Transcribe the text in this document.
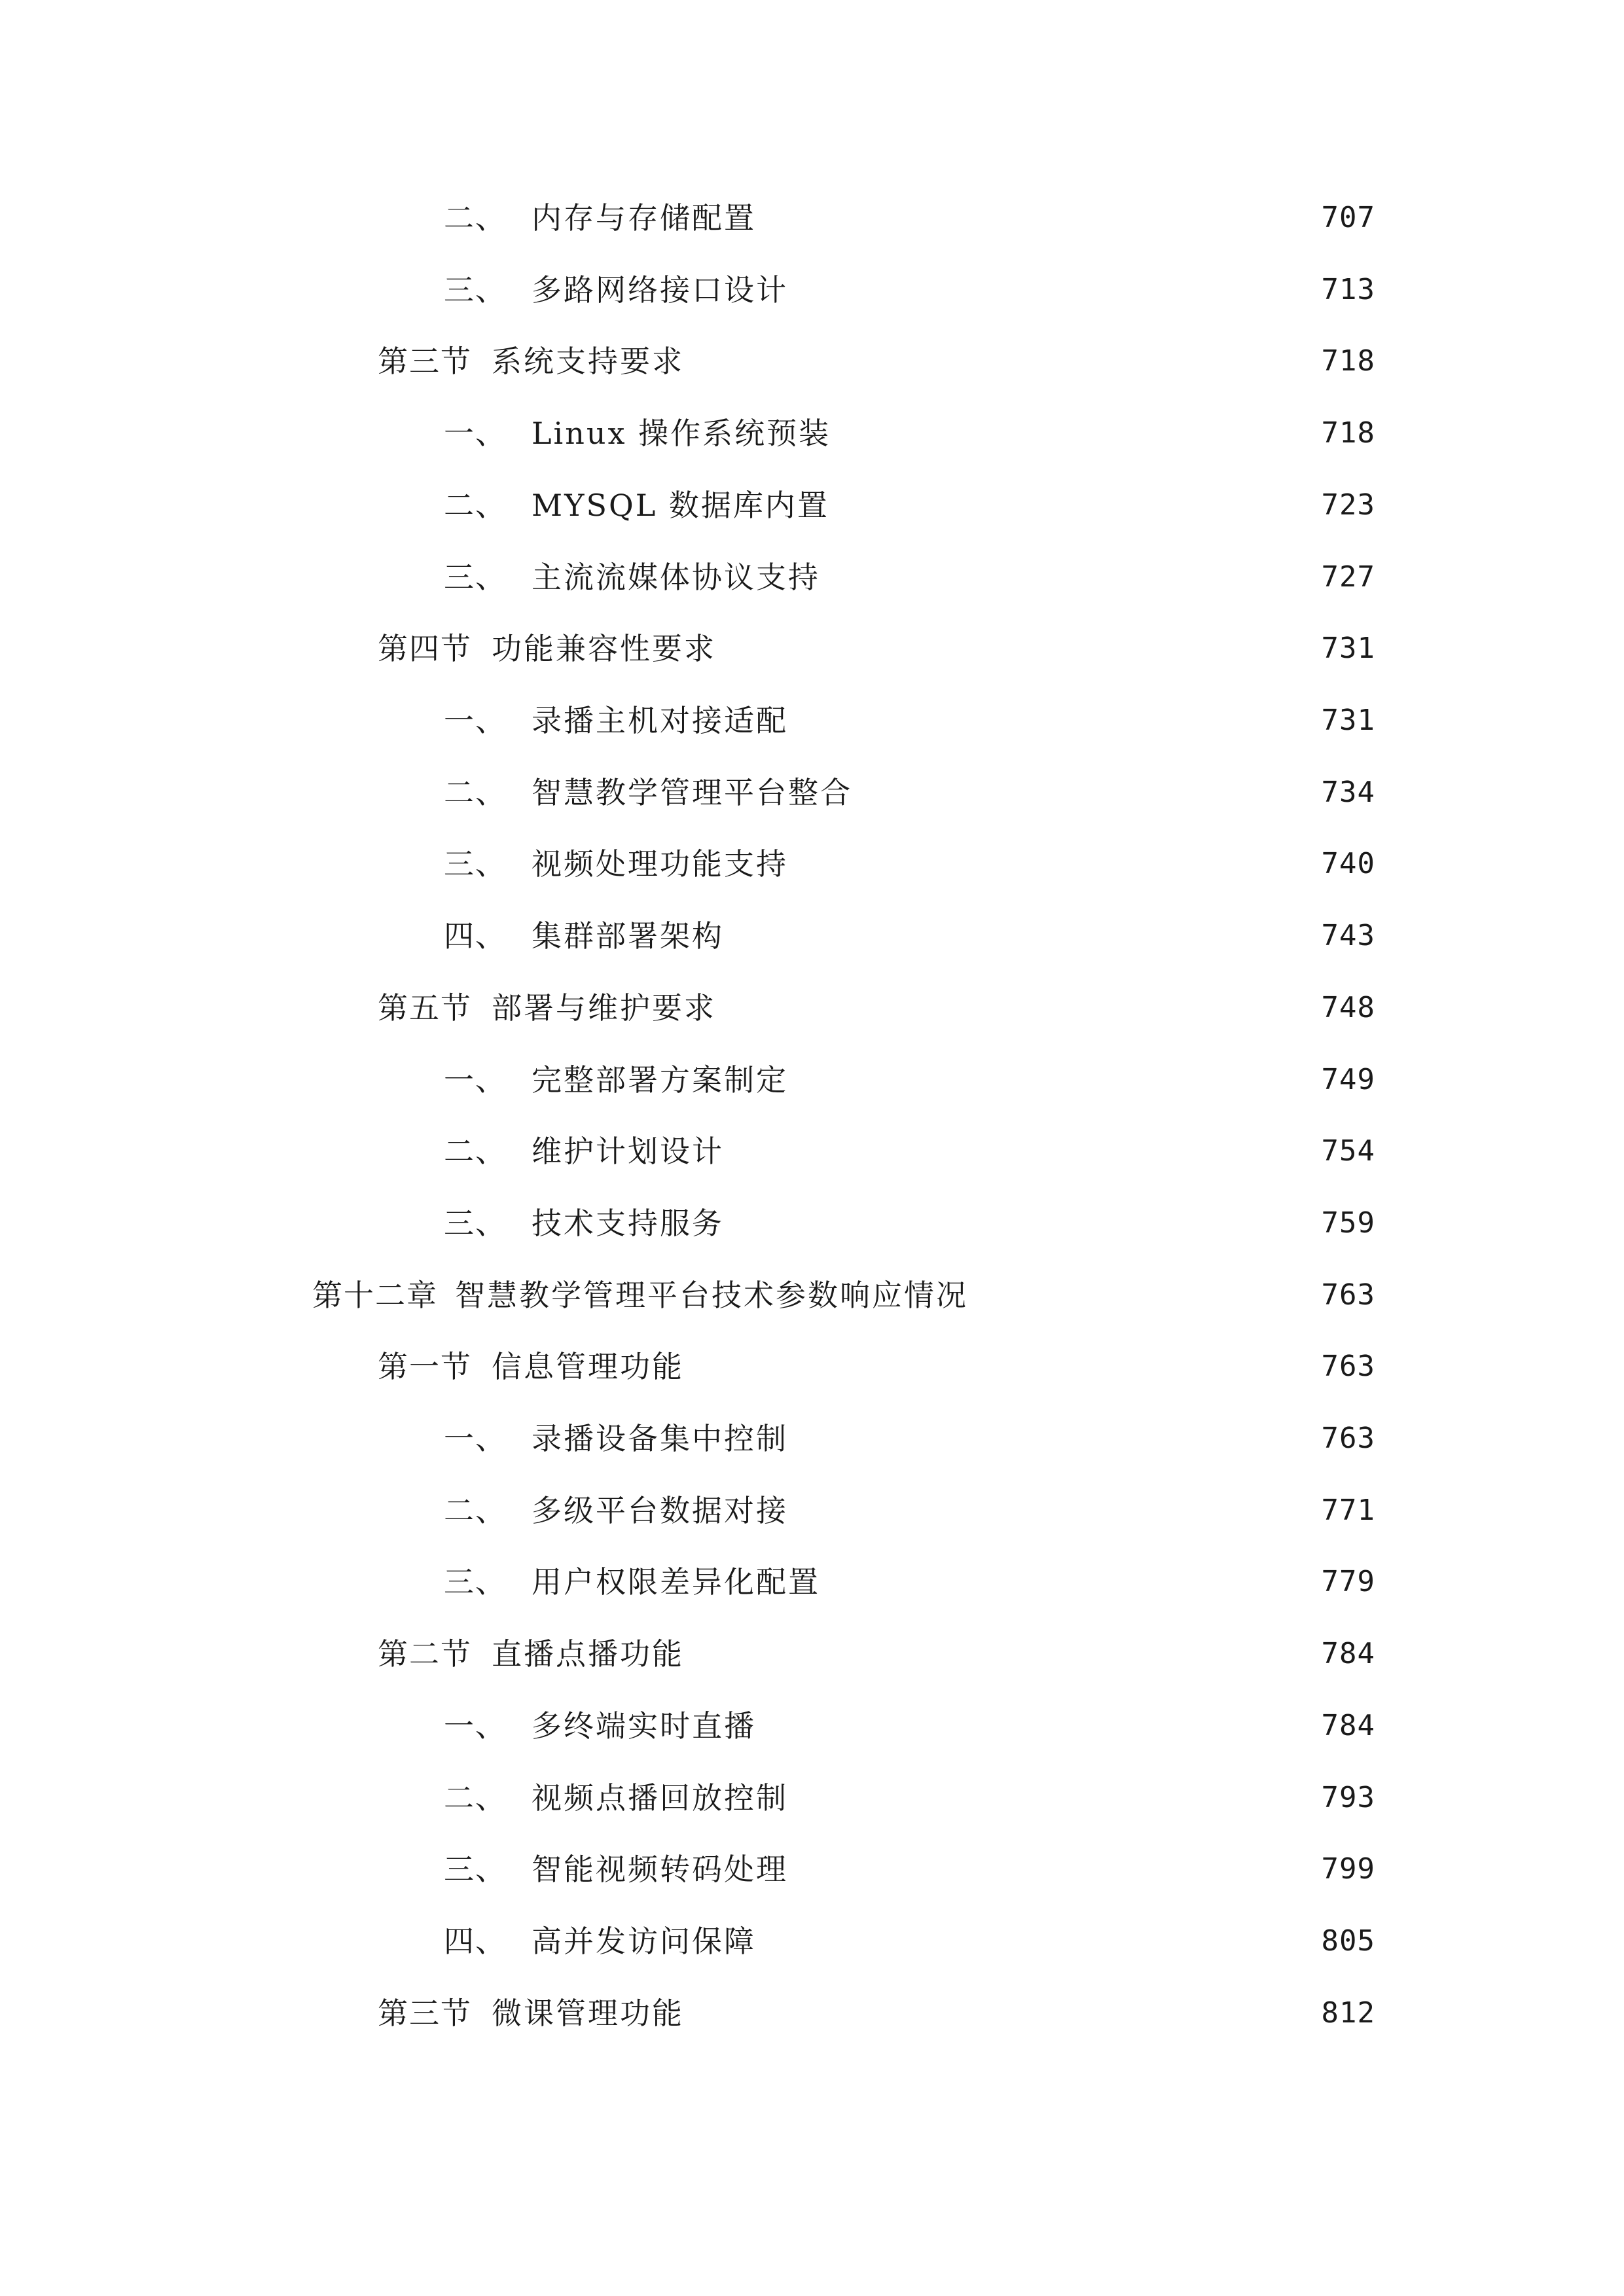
二、 内存与存储配置	707
三、 多路网络接口设计	713
第三节 系统支持要求	718
一、 Linux 操作系统预装	718
二、 MYSQL 数据库内置	723
三、 主流流媒体协议支持	727
第四节 功能兼容性要求	731
一、 录播主机对接适配	731
二、 智慧教学管理平台整合	734
三、 视频处理功能支持	740
四、 集群部署架构	743
第五节 部署与维护要求	748
一、 完整部署方案制定	749
二、 维护计划设计	754
三、 技术支持服务	759
第十二章 智慧教学管理平台技术参数响应情况	763
第一节 信息管理功能	763
一、 录播设备集中控制	763
二、 多级平台数据对接	771
三、 用户权限差异化配置	779
第二节 直播点播功能	784
一、 多终端实时直播	784
二、 视频点播回放控制	793
三、 智能视频转码处理	799
四、 高并发访问保障	805
第三节 微课管理功能	812
